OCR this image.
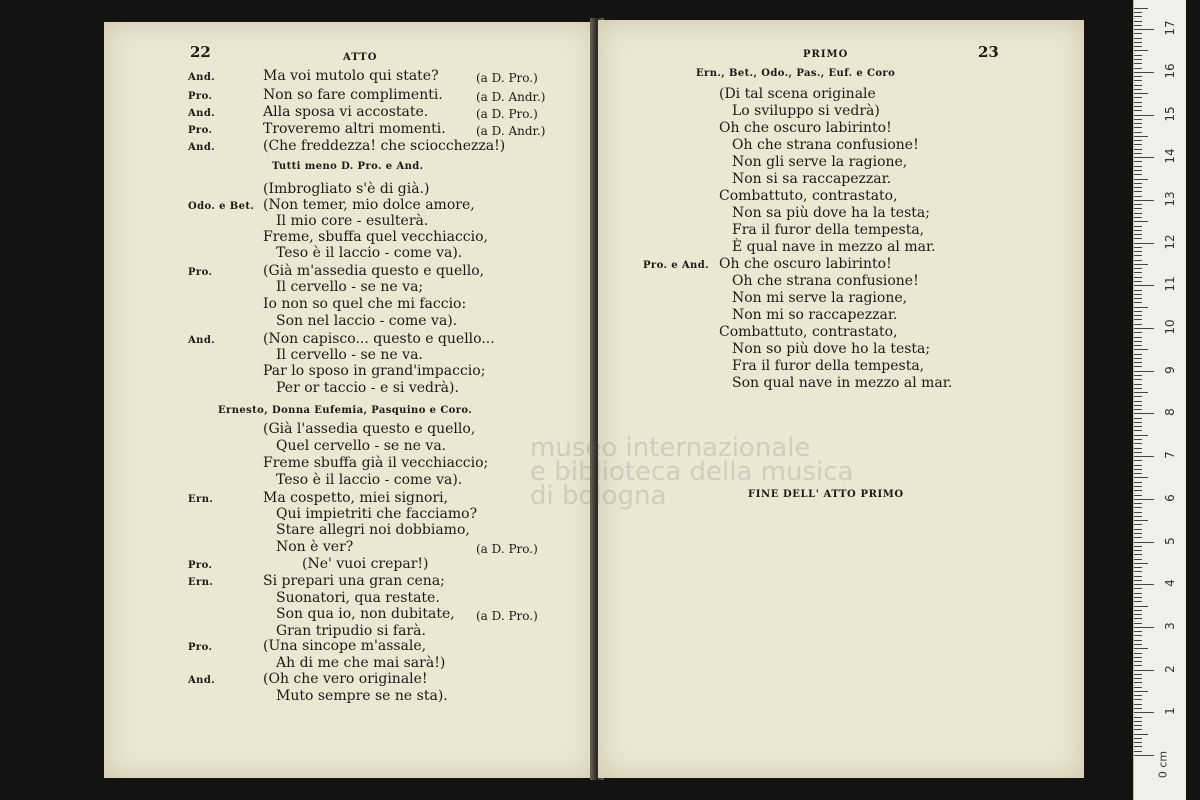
22	ATTO	23
PRIMO
And.	Ma voi mutolo qui state?	(a D. Pro.)
Pro.	Non so fare complimenti.	(a D. Andr.)
And.	Alla sposa vi accostate.	(a D. Pro.)
Pro.	Troveremo altri momenti.	(a D. Andr.)
And.	(Che freddezza! che sciocchezza!)
Tutti meno D. Pro. e And.
(Imbrogliato s'è di già.)
Odo. e Bet. (Non temer, mio dolce amore,
Il mio core - esulterà.
Freme, sbuffa quel vecchiaccio,
Teso è il laccio - come va).
Pro.	(Già m'assedia questo e quello,
Il cervello - se ne va;
Io non so quel che mi faccio:
Son nel laccio - come va).
And.	(Non capisco... questo e quello...
Il cervello - se ne va.
Par lo sposo in grand'impaccio;
Per or taccio - e si vedrà).
Ernesto, Donna Eufemia, Pasquino e Coro.
(Già l'assedia questo e quello,
Quel cervello - se ne va.
Freme sbuffa già il vecchiaccio;
Teso è il laccio - come va).
Ern.	Ma cospetto, miei signori,
Qui impietriti che facciamo?
Stare allegri noi dobbiamo,
Non è ver?	(a D. Pro.)
Pro.	(Ne' vuoi crepar!)
Ern.	Si prepari una gran cena;
Suonatori, qua restate.
Son qua io, non dubitate, (a D. Pro.)
Gran tripudio si farà.
Pro.	(Una sincope m'assale,
Ah di me che mai sarà!)
And.	(Oh che vero originale!
Muto sempre se ne sta).
Ern., Bet., Odo., Pas., Euf. e Coro
(Di tal scena originale
Lo sviluppo si vedrà)
Oh che oscuro labirinto!
Oh che strana confusione!
Non gli serve la ragione,
Non si sa raccapezzar.
Combattuto, contrastato,
Non sa più dove ha la testa;
Fra il furor della tempesta,
È qual nave in mezzo al mar.
Pro. e And. Oh che oscuro labirinto!
Oh che strana confusione!
Non mi serve la ragione,
Non mi so raccapezzar.
Combattuto, contrastato,
Non so più dove ho la testa;
Fra il furor della tempesta,
Son qual nave in mezzo al mar.
FINE DELL' ATTO PRIMO
museo internazionale
e biblioteca della musica
di bologna
0 cm
1
2
3
4
5
6
7
8
9
10
11
12
13
14
15
16
17
